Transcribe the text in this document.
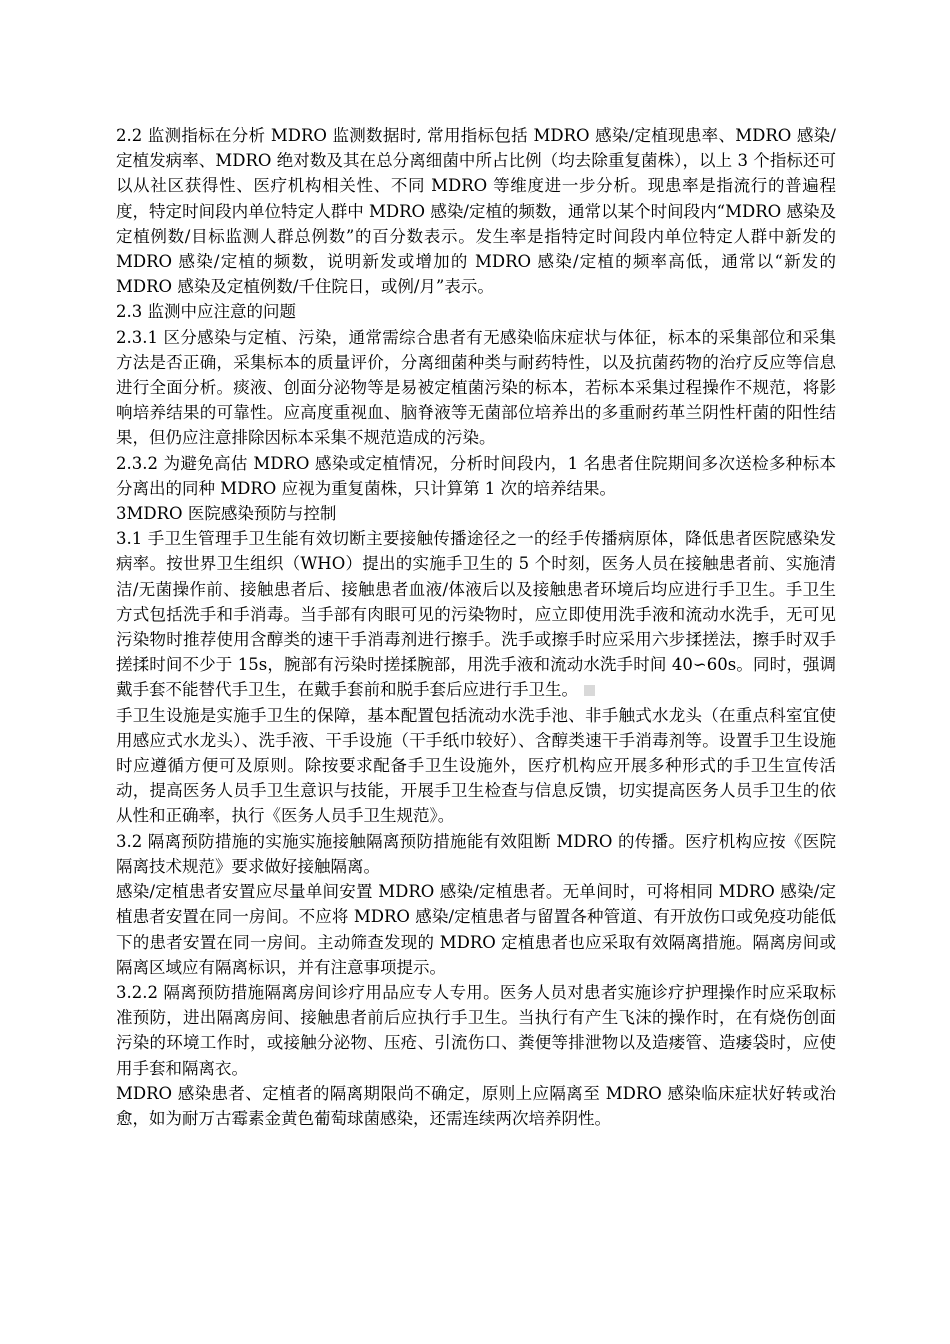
2.2 监测指标在分析 MDRO 监测数据时, 常用指标包括 MDRO 感染/定植现患率、MDRO 感染/定植发病率、MDRO 绝对数及其在总分离细菌中所占比例（均去除重复菌株），以上 3 个指标还可以从社区获得性、医疗机构相关性、不同 MDRO 等维度进一步分析。现患率是指流行的普遍程度，特定时间段内单位特定人群中 MDRO 感染/定植的频数，通常以某个时间段内“MDRO 感染及定植例数/目标监测人群总例数”的百分数表示。发生率是指特定时间段内单位特定人群中新发的 MDRO 感染/定植的频数，说明新发或增加的 MDRO 感染/定植的频率高低，通常以“新发的 MDRO 感染及定植例数/千住院日，或例/月”表示。

2.3 监测中应注意的问题

2.3.1 区分感染与定植、污染，通常需综合患者有无感染临床症状与体征，标本的采集部位和采集方法是否正确，采集标本的质量评价，分离细菌种类与耐药特性，以及抗菌药物的治疗反应等信息进行全面分析。痰液、创面分泌物等是易被定植菌污染的标本，若标本采集过程操作不规范，将影响培养结果的可靠性。应高度重视血、脑脊液等无菌部位培养出的多重耐药革兰阴性杆菌的阳性结果，但仍应注意排除因标本采集不规范造成的污染。

2.3.2 为避免高估 MDRO 感染或定植情况，分析时间段内，1 名患者住院期间多次送检多种标本分离出的同种 MDRO 应视为重复菌株，只计算第 1 次的培养结果。

3MDRO 医院感染预防与控制

3.1 手卫生管理手卫生能有效切断主要接触传播途径之一的经手传播病原体，降低患者医院感染发病率。按世界卫生组织（WHO）提出的实施手卫生的 5 个时刻，医务人员在接触患者前、实施清洁/无菌操作前、接触患者后、接触患者血液/体液后以及接触患者环境后均应进行手卫生。手卫生方式包括洗手和手消毒。当手部有肉眼可见的污染物时，应立即使用洗手液和流动水洗手，无可见污染物时推荐使用含醇类的速干手消毒剂进行擦手。洗手或擦手时应采用六步揉搓法，擦手时双手搓揉时间不少于 15s，腕部有污染时搓揉腕部，用洗手液和流动水洗手时间 40∽60s。同时，强调戴手套不能替代手卫生，在戴手套前和脱手套后应进行手卫生。

手卫生设施是实施手卫生的保障，基本配置包括流动水洗手池、非手触式水龙头（在重点科室宜使用感应式水龙头）、洗手液、干手设施（干手纸巾较好）、含醇类速干手消毒剂等。设置手卫生设施时应遵循方便可及原则。除按要求配备手卫生设施外，医疗机构应开展多种形式的手卫生宣传活动，提高医务人员手卫生意识与技能，开展手卫生检查与信息反馈，切实提高医务人员手卫生的依从性和正确率，执行《医务人员手卫生规范》。

3.2 隔离预防措施的实施实施接触隔离预防措施能有效阻断 MDRO 的传播。医疗机构应按《医院隔离技术规范》要求做好接触隔离。

感染/定植患者安置应尽量单间安置 MDRO 感染/定植患者。无单间时，可将相同 MDRO 感染/定植患者安置在同一房间。不应将 MDRO 感染/定植患者与留置各种管道、有开放伤口或免疫功能低下的患者安置在同一房间。主动筛查发现的 MDRO 定植患者也应采取有效隔离措施。隔离房间或隔离区域应有隔离标识，并有注意事项提示。

3.2.2 隔离预防措施隔离房间诊疗用品应专人专用。医务人员对患者实施诊疗护理操作时应采取标准预防，进出隔离房间、接触患者前后应执行手卫生。当执行有产生飞沫的操作时，在有烧伤创面污染的环境工作时，或接触分泌物、压疮、引流伤口、粪便等排泄物以及造瘘管、造痿袋时，应使用手套和隔离衣。

MDRO 感染患者、定植者的隔离期限尚不确定，原则上应隔离至 MDRO 感染临床症状好转或治愈，如为耐万古霉素金黄色葡萄球菌感染，还需连续两次培养阴性。
